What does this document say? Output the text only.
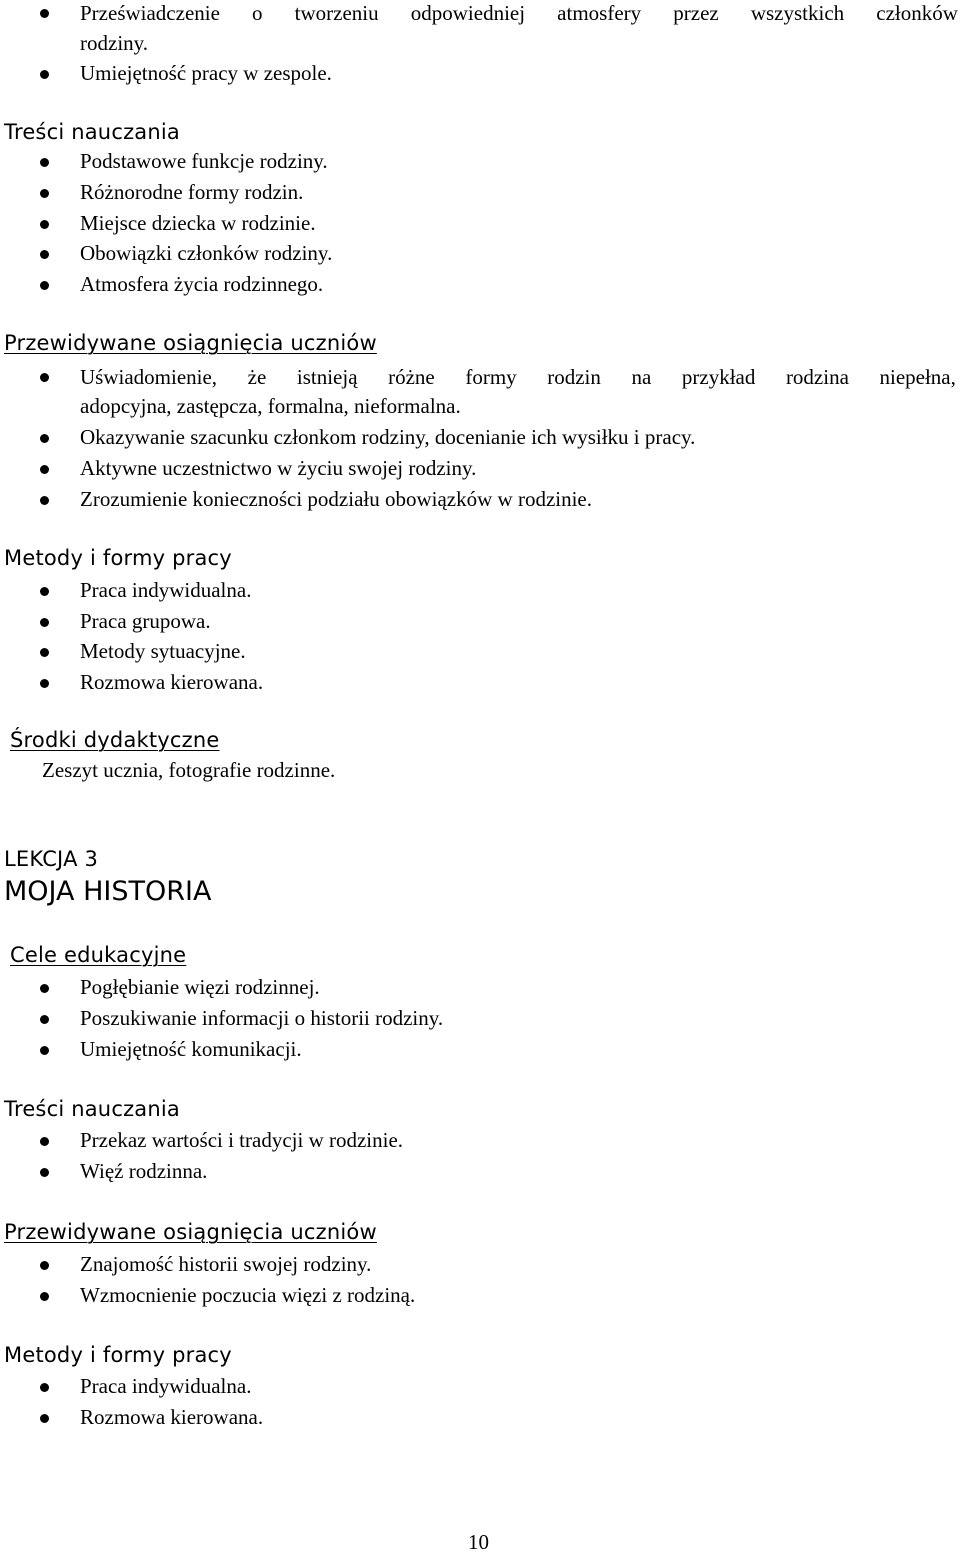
Przeświadczenie o tworzeniu odpowiedniej atmosfery przez wszystkich członków
rodziny.
Umiejętność pracy w zespole.
Treści nauczania
Podstawowe funkcje rodziny.
Różnorodne formy rodzin.
Miejsce dziecka w rodzinie.
Obowiązki członków rodziny.
Atmosfera życia rodzinnego.
Przewidywane osiągnięcia uczniów
Uświadomienie, że istnieją różne formy rodzin na przykład rodzina niepełna,
adopcyjna, zastępcza, formalna, nieformalna.
Okazywanie szacunku członkom rodziny, docenianie ich wysiłku i pracy.
Aktywne uczestnictwo w życiu swojej rodziny.
Zrozumienie konieczności podziału obowiązków w rodzinie.
Metody i formy pracy
Praca indywidualna.
Praca grupowa.
Metody sytuacyjne.
Rozmowa kierowana.
Środki dydaktyczne
Zeszyt ucznia, fotografie rodzinne.
LEKCJA 3
MOJA HISTORIA
Cele edukacyjne
Pogłębianie więzi rodzinnej.
Poszukiwanie informacji o historii rodziny.
Umiejętność komunikacji.
Treści nauczania
Przekaz wartości i tradycji w rodzinie.
Więź rodzinna.
Przewidywane osiągnięcia uczniów
Znajomość historii swojej rodziny.
Wzmocnienie poczucia więzi z rodziną.
Metody i formy pracy
Praca indywidualna.
Rozmowa kierowana.
10
